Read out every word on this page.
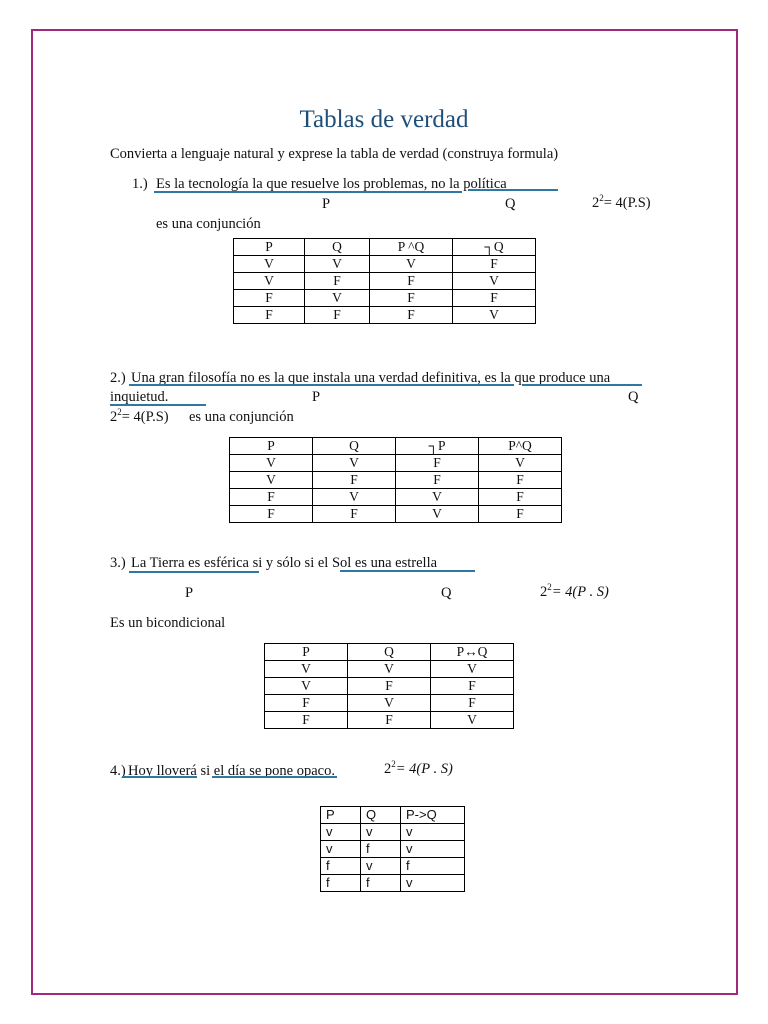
Tablas de verdad
Convierta a lenguaje natural y exprese la tabla de verdad (construya formula)
1.) Es la tecnología la que resuelve los problemas, no la política
P	Q	$2^2= 4(P.S)$
es una conjunción
P	Q	P ^Q	┐Q
V	V	V	F
V	F	F	V
F	V	F	F
F	F	F	V
2.) Una gran filosofía no es la que instala una verdad definitiva, es la que produce una
inquietud.	P	Q
$2^2= 4(P.S)$ es una conjunción
P	Q	┐P	P^Q
V	V	F	V
V	F	F	F
F	V	V	F
F	F	V	F
3.) La Tierra es esférica si y sólo si el Sol es una estrella
P	Q	$2^2= 4(P$ . S)
Es un bicondicional
P	Q	P↔Q
V	V	V
V	F	F
F	V	F
F	F	V
4.) Hoy lloverá si el día se pone opaco.	$2^2= 4(P$ . S)
P	Q	P->Q
v	v	v
v	f	v
f	v	f
f	f	v
